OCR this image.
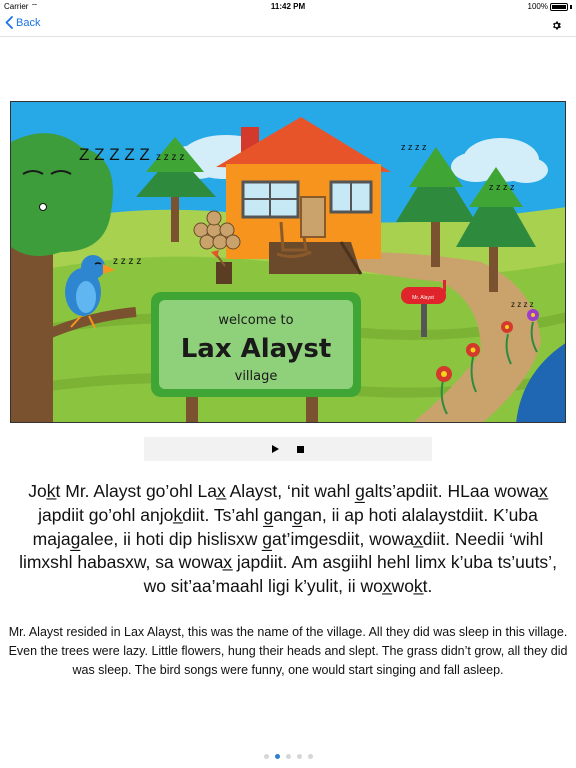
Carrier ⌔	11:42 PM	100%
Back
Z Z Z Z Z
z z z z
z z z z
z z z z
z z z z
welcome to
Lax Alayst
village
Mr. Alayst
z z z z

Jok̲t Mr. Alayst go’ohl Lax̲ Alayst, ‘nit wahl g̲alts’apdiit. HLaa wowax̲ japdiit go’ohl anjok̲diit. Ts’ahl g̲ang̲an, ii ap hoti alalaystdiit. K’uba majag̲alee, ii hoti dip hislisxw g̲at’imgesdiit, wowax̲diit. Needii ‘wihl limxshl habasxw, sa wowax̲ japdiit. Am asgiihl hehl limx k’uba ts’uuts’, wo sit’aa’maahl ligi k’yulit, ii wox̲wok̲t.

Mr. Alayst resided in Lax Alayst, this was the name of the village. All they did was sleep in this village. Even the trees were lazy. Little flowers, hung their heads and slept. The grass didn’t grow, all they did was sleep. The bird songs were funny, one would start singing and fall asleep.
